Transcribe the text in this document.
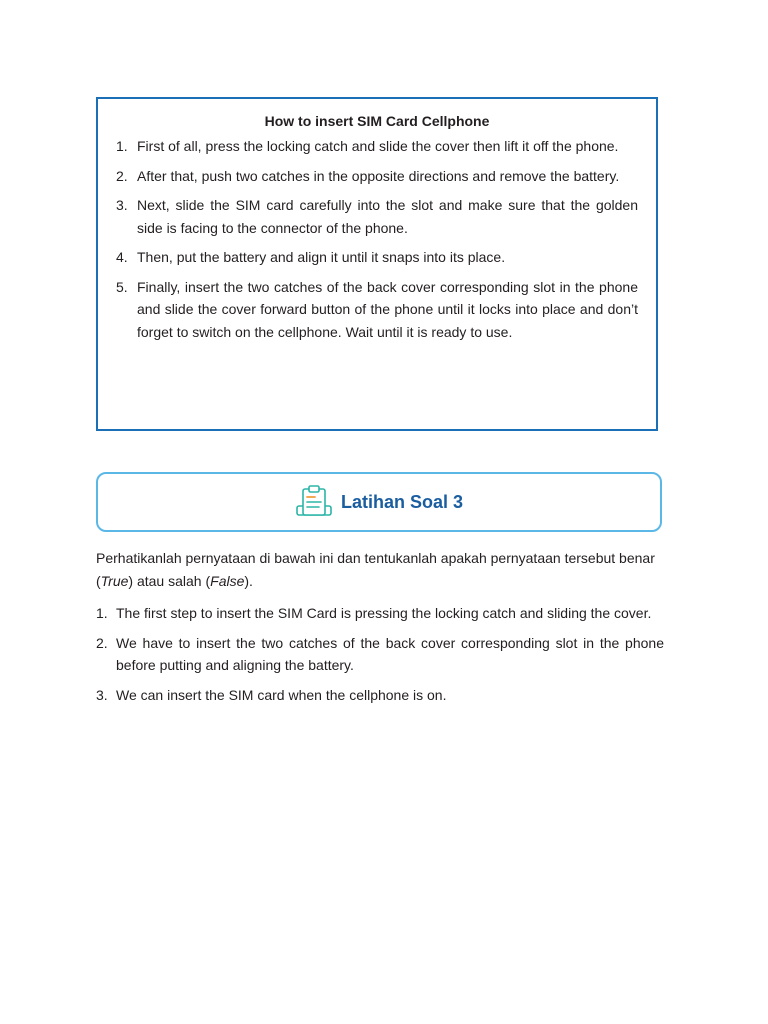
How to insert SIM Card Cellphone
1. First of all, press the locking catch and slide the cover then lift it off the phone.
2. After that, push two catches in the opposite directions and remove the battery.
3. Next, slide the SIM card carefully into the slot and make sure that the golden side is facing to the connector of the phone.
4. Then, put the battery and align it until it snaps into its place.
5. Finally, insert the two catches of the back cover corresponding slot in the phone and slide the cover forward button of the phone until it locks into place and don’t forget to switch on the cellphone. Wait until it is ready to use.
Latihan Soal 3

Perhatikanlah pernyataan di bawah ini dan tentukanlah apakah pernyataan tersebut benar (True) atau salah (False).

1. The first step to insert the SIM Card is pressing the locking catch and sliding the cover.
2. We have to insert the two catches of the back cover corresponding slot in the phone before putting and aligning the battery.
3. We can insert the SIM card when the cellphone is on.
